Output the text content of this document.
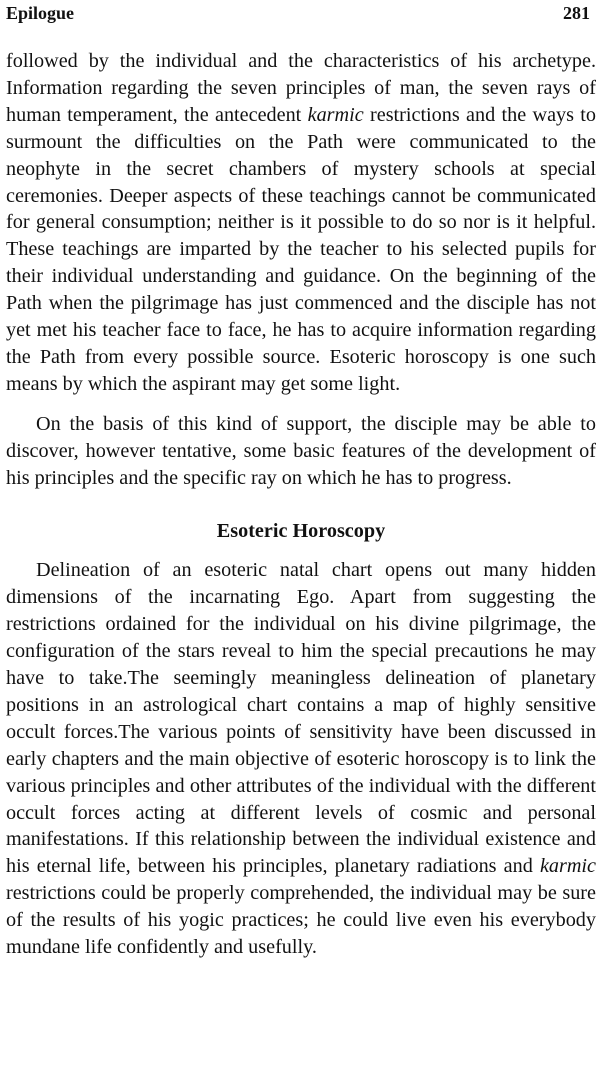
Epilogue	281

followed by the individual and the characteristics of his archetype. Information regarding the seven principles of man, the seven rays of human temperament, the antecedent karmic restrictions and the ways to surmount the difficulties on the Path were communicated to the neophyte in the secret chambers of mystery schools at special ceremonies. Deeper aspects of these teachings cannot be communicated for general consumption; neither is it possible to do so nor is it helpful. These teachings are imparted by the teacher to his selected pupils for their individual understanding and guidance. On the beginning of the Path when the pilgrimage has just commenced and the disciple has not yet met his teacher face to face, he has to acquire information regarding the Path from every possible source. Esoteric horoscopy is one such means by which the aspirant may get some light.

On the basis of this kind of support, the disciple may be able to discover, however tentative, some basic features of the development of his principles and the specific ray on which he has to progress.

Esoteric Horoscopy

Delineation of an esoteric natal chart opens out many hidden dimensions of the incarnating Ego. Apart from suggesting the restrictions ordained for the individual on his divine pilgrimage, the configuration of the stars reveal to him the special precautions he may have to take.The seemingly meaningless delineation of planetary positions in an astrological chart contains a map of highly sensitive occult forces.The various points of sensitivity have been discussed in early chapters and the main objective of esoteric horoscopy is to link the various principles and other attributes of the individual with the different occult forces acting at different levels of cosmic and personal manifestations. If this relationship between the individual existence and his eternal life, between his principles, planetary radiations and karmic restrictions could be properly comprehended, the individual may be sure of the results of his yogic practices; he could live even his everybody mundane life confidently and usefully.
